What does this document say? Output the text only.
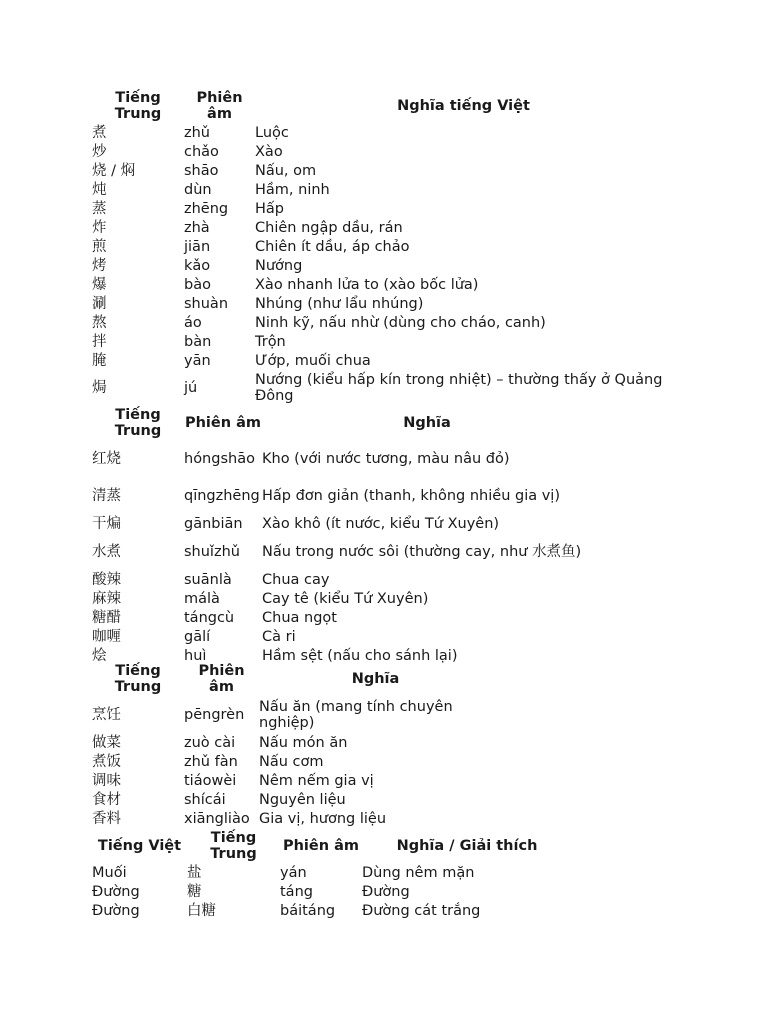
Tiếng Trung	Phiên âm	Nghĩa tiếng Việt
煮	zhǔ	Luộc
炒	chǎo	Xào
烧 / 焖	shāo	Nấu, om
炖	dùn	Hầm, ninh
蒸	zhēng	Hấp
炸	zhà	Chiên ngập dầu, rán
煎	jiān	Chiên ít dầu, áp chảo
烤	kǎo	Nướng
爆	bào	Xào nhanh lửa to (xào bốc lửa)
涮	shuàn	Nhúng (như lẩu nhúng)
熬	áo	Ninh kỹ, nấu nhừ (dùng cho cháo, canh)
拌	bàn	Trộn
腌	yān	Ướp, muối chua
焗	jú	Nướng (kiểu hấp kín trong nhiệt) – thường thấy ở Quảng Đông
Tiếng Trung	Phiên âm	Nghĩa
红烧	hóngshāo	Kho (với nước tương, màu nâu đỏ)
清蒸	qīngzhēng	Hấp đơn giản (thanh, không nhiều gia vị)
干煸	gānbiān	Xào khô (ít nước, kiểu Tứ Xuyên)
水煮	shuǐzhǔ	Nấu trong nước sôi (thường cay, như 水煮鱼)
酸辣	suānlà	Chua cay
麻辣	málà	Cay tê (kiểu Tứ Xuyên)
糖醋	tángcù	Chua ngọt
咖喱	gālí	Cà ri
烩	huì	Hầm sệt (nấu cho sánh lại)
Tiếng Trung	Phiên âm	Nghĩa
烹饪	pēngrèn	Nấu ăn (mang tính chuyên nghiệp)
做菜	zuò cài	Nấu món ăn
煮饭	zhǔ fàn	Nấu cơm
调味	tiáowèi	Nêm nếm gia vị
食材	shícái	Nguyên liệu
香料	xiāngliào	Gia vị, hương liệu
Tiếng Việt	Tiếng Trung	Phiên âm	Nghĩa / Giải thích
Muối	盐	yán	Dùng nêm mặn
Đường	糖	táng	Đường
Đường	白糖	báitáng	Đường cát trắng
